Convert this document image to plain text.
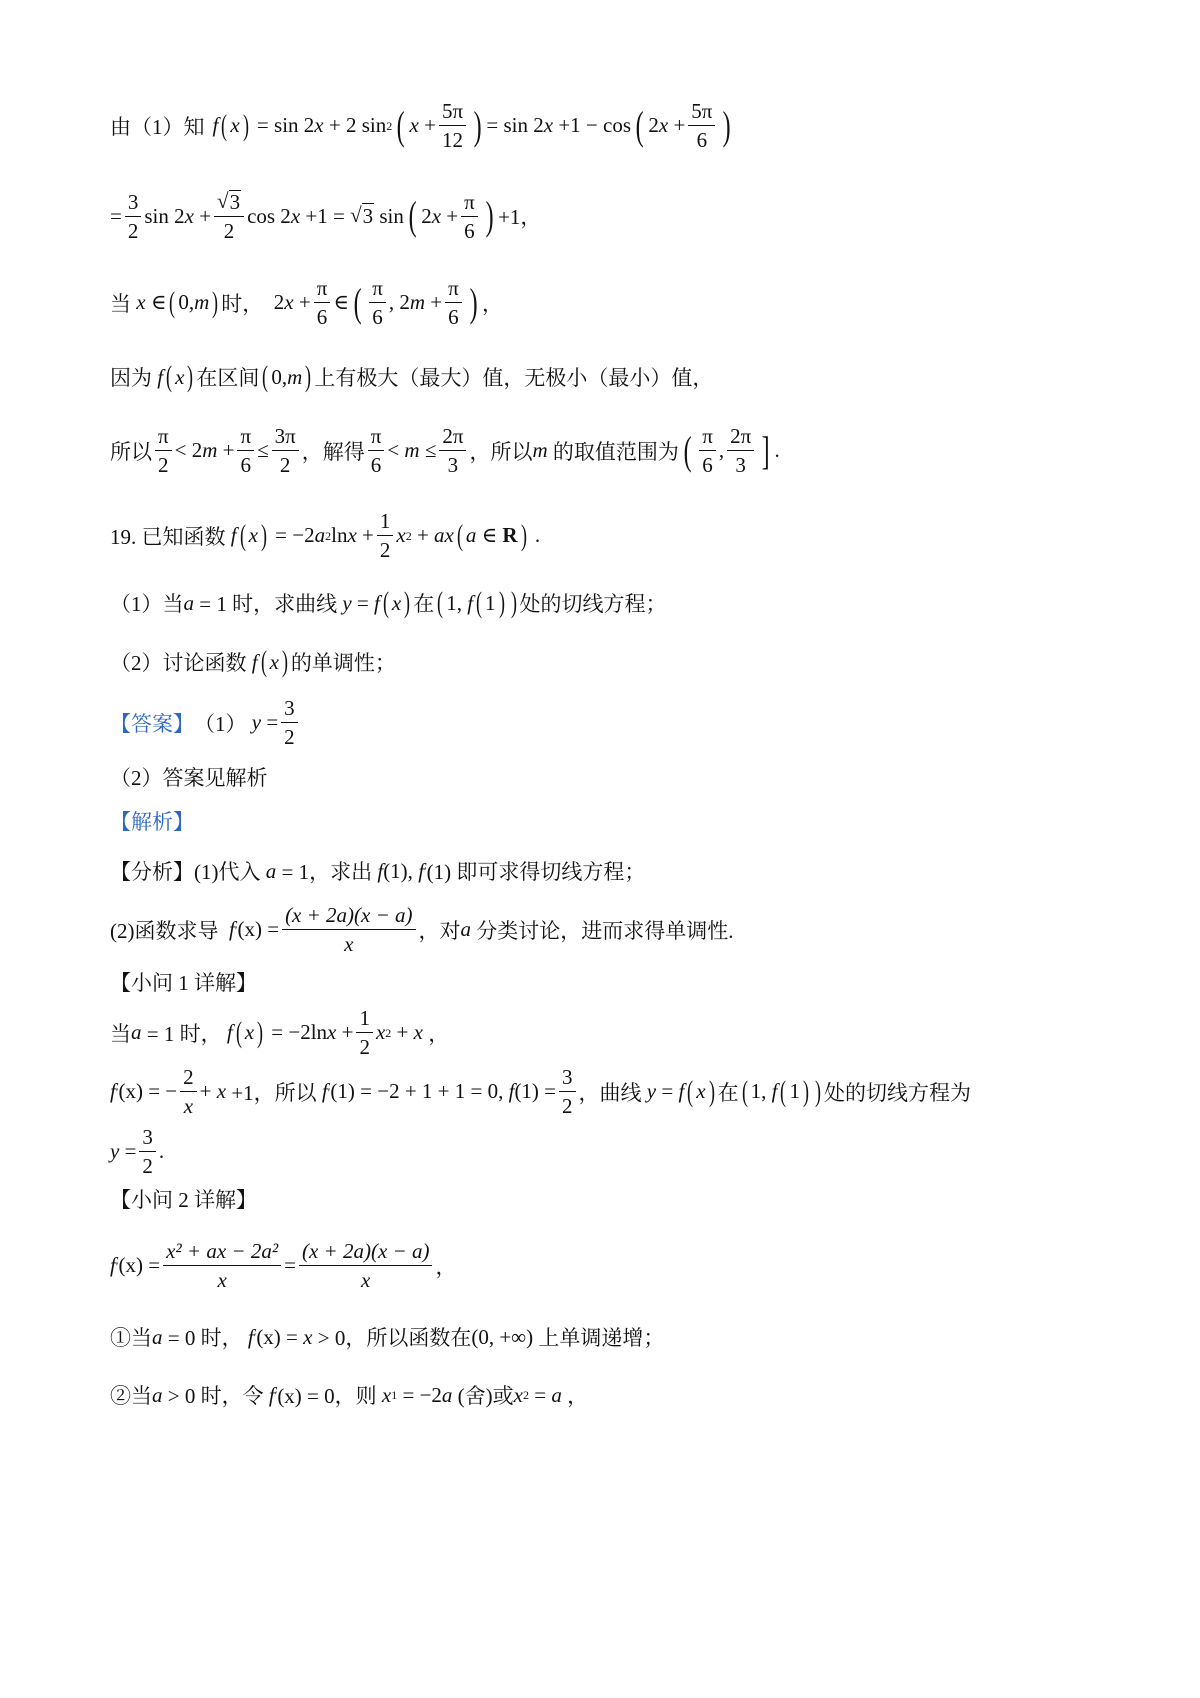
由（1）知 f ( x )
= sin 2 x
+ 2 sin 2 ( x
+ $\frac{5\pi}{12}$ ) = sin 2 x
+1 − cos ( 2 x
+ $\frac{5\pi}{6}$ )
= $\frac{3}{2}$ sin 2 x
+ $\frac{√ 3}{2}$ cos 2 x
+1 =
√ 3
sin ( 2 x
+ $\frac{\pi}{6}$ ) +1，
当
x
∈ ( 0, m ) 时，
2 x
+ $\frac{\pi}{6}$ ∈ ( $\frac{\pi}{6}$ , 2 m
+ $\frac{\pi}{6}$ ) ，
因为
f ( x ) 在区间 ( 0, m ) 上有极大（最大）值，无极小（最小）值，
所以 $\frac{\pi}{2} < 2$ m
+ $\frac{\pi}{6} \le \frac{3\pi}{2}$ ，解得 $\frac{\pi}{6}$ <
m
≤ $\frac{2\pi}{3}$ ，所以 m
的取值范围为 ( $\frac{\pi}{6}$ , $\frac{2\pi}{3}$ ] .
19. 已知函数
f ( x )
= −2 a 2 ln x
+ $\frac{1}{2}$ x 2
+
ax ( a
∈
R )
.
（1）当 a
= 1 时，求曲线
y
=
f ( x ) 在 ( 1,
f ( 1 ) ) 处的切线方程；
（2）讨论函数
f ( x ) 的单调性；
【答案】 （1）
y
= $\frac{3}{2}$
（2）答案见解析
【解析】
【分析】 (1)代入
a
= 1，求出
f (1),
f ′ (1) 即可求得切线方程；
(2)函数求导
f ′ $(x) = \frac{(x + 2a)(x - a)}{x}$ ，对 a
分类讨论，进而求得单调性.
【小问 1 详解】
当 a
= 1 时，
f ( x )
= −2ln x
+ $\frac{1}{2}$ x 2
+
x
，
f ′ (x) = − $\frac{2}{x}$ +
x
+1，所以
f ′ (1) = −2 + 1 + 1 = 0,
f $(1) = \frac{3}{2}$ ，曲线
y
=
f ( x ) 在 ( 1,
f ( 1 ) ) 处的切线方程为
y
= $\frac{3}{2}$ .
【小问 2 详解】
f ′ $(x) = \frac{\text{x² + ax − 2a²}}{x} = \frac{(x + 2a)(x - a)}{x}$ ，
①当 a
= 0 时，
f ′ (x) =
x
> 0，所以函数在 (0, +∞)
上单调递增；
②当 a
> 0 时，令
f ′ (x) = 0，则
x 1
= −2 a
(舍)或 x 2
=
a
，
